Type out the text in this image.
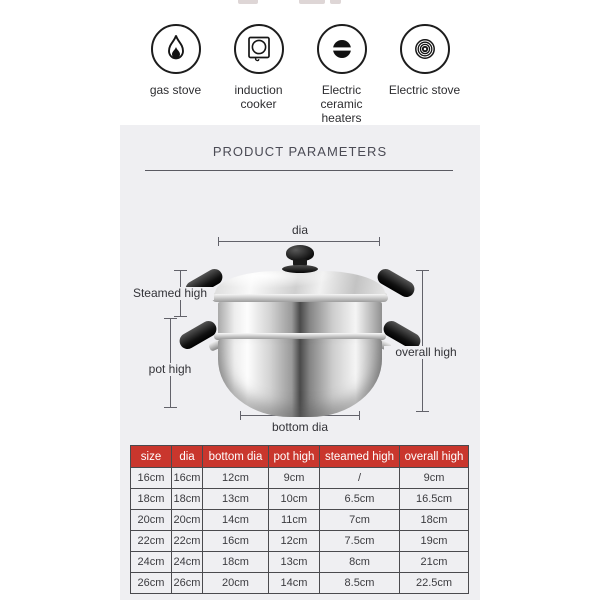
gas stove	induction cooker
Electric ceramic heaters
Electric stove
PRODUCT PARAMETERS
dia
Steamed high
pot high
overall high
bottom dia
size	dia	bottom dia	pot high	steamed high	overall high
16cm	16cm	12cm	9cm	/	9cm
18cm	18cm	13cm	10cm	6.5cm	16.5cm
20cm	20cm	14cm	11cm	7cm	18cm
22cm	22cm	16cm	12cm	7.5cm	19cm
24cm	24cm	18cm	13cm	8cm	21cm
26cm	26cm	20cm	14cm	8.5cm	22.5cm
